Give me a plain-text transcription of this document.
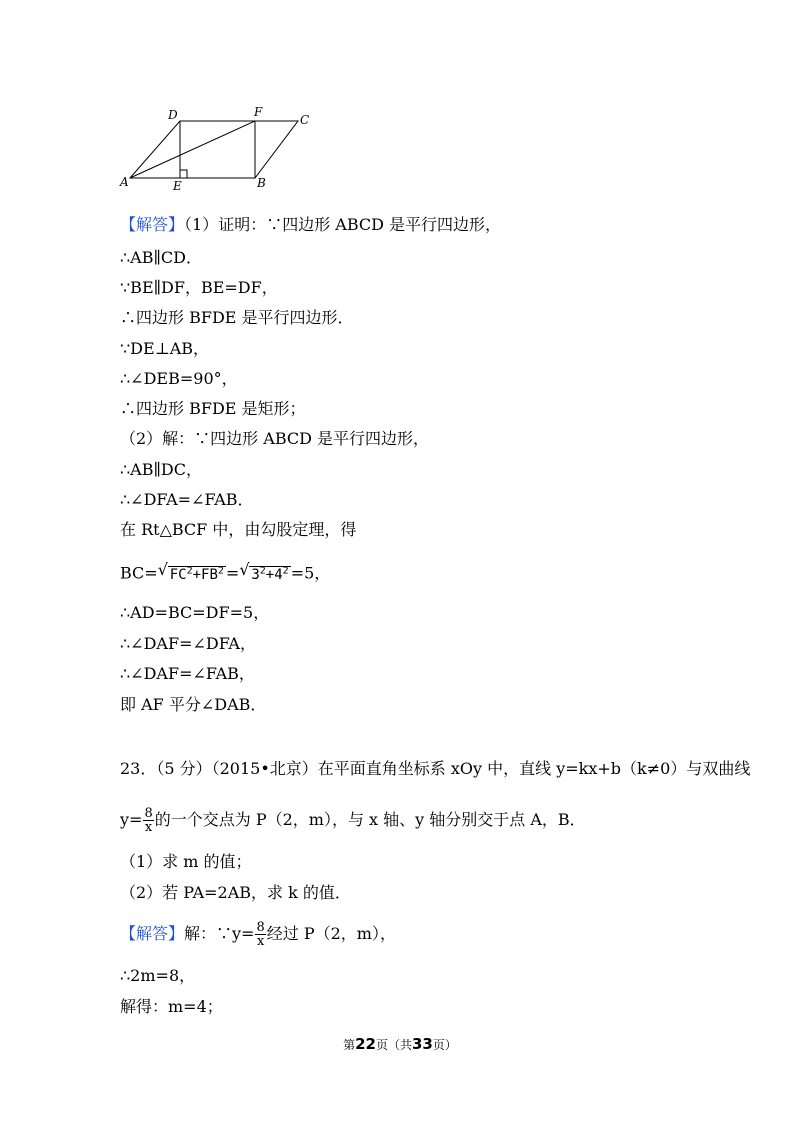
A	B
C
D
E
F
【解答】（1）证明：∵四边形 ABCD 是平行四边形，
∴AB∥CD．
∵BE∥DF，BE=DF，
∴四边形 BFDE 是平行四边形．
∵DE⊥AB，
∴∠DEB=90°，
∴四边形 BFDE 是矩形；
（2）解：∵四边形 ABCD 是平行四边形，
∴AB∥DC，
∴∠DFA=∠FAB．
在 Rt△BCF 中，由勾股定理，得
BC= √ $FC^2+FB^2$ = √ $3^2+4^2 =5$，
∴AD=BC=DF=5，
∴∠DAF=∠DFA，
∴∠DAF=∠FAB，
即 AF 平分∠DAB．
23．（5 分）（2015•北京）在平面直角坐标系 xOy 中，直线 y=kx+b（k≠0）与双曲线
$y= \frac{8}{x}$ 的一个交点为 P（2，m），与 x 轴、y 轴分别交于点 A，B．
（1）求 m 的值；
（2）若 PA=2AB，求 k 的值．
【解答】解：∵y= $\frac{8}{x}$ 经过 P（2，m），
∴2m=8，
解得：m=4；
第22页（共33页）
